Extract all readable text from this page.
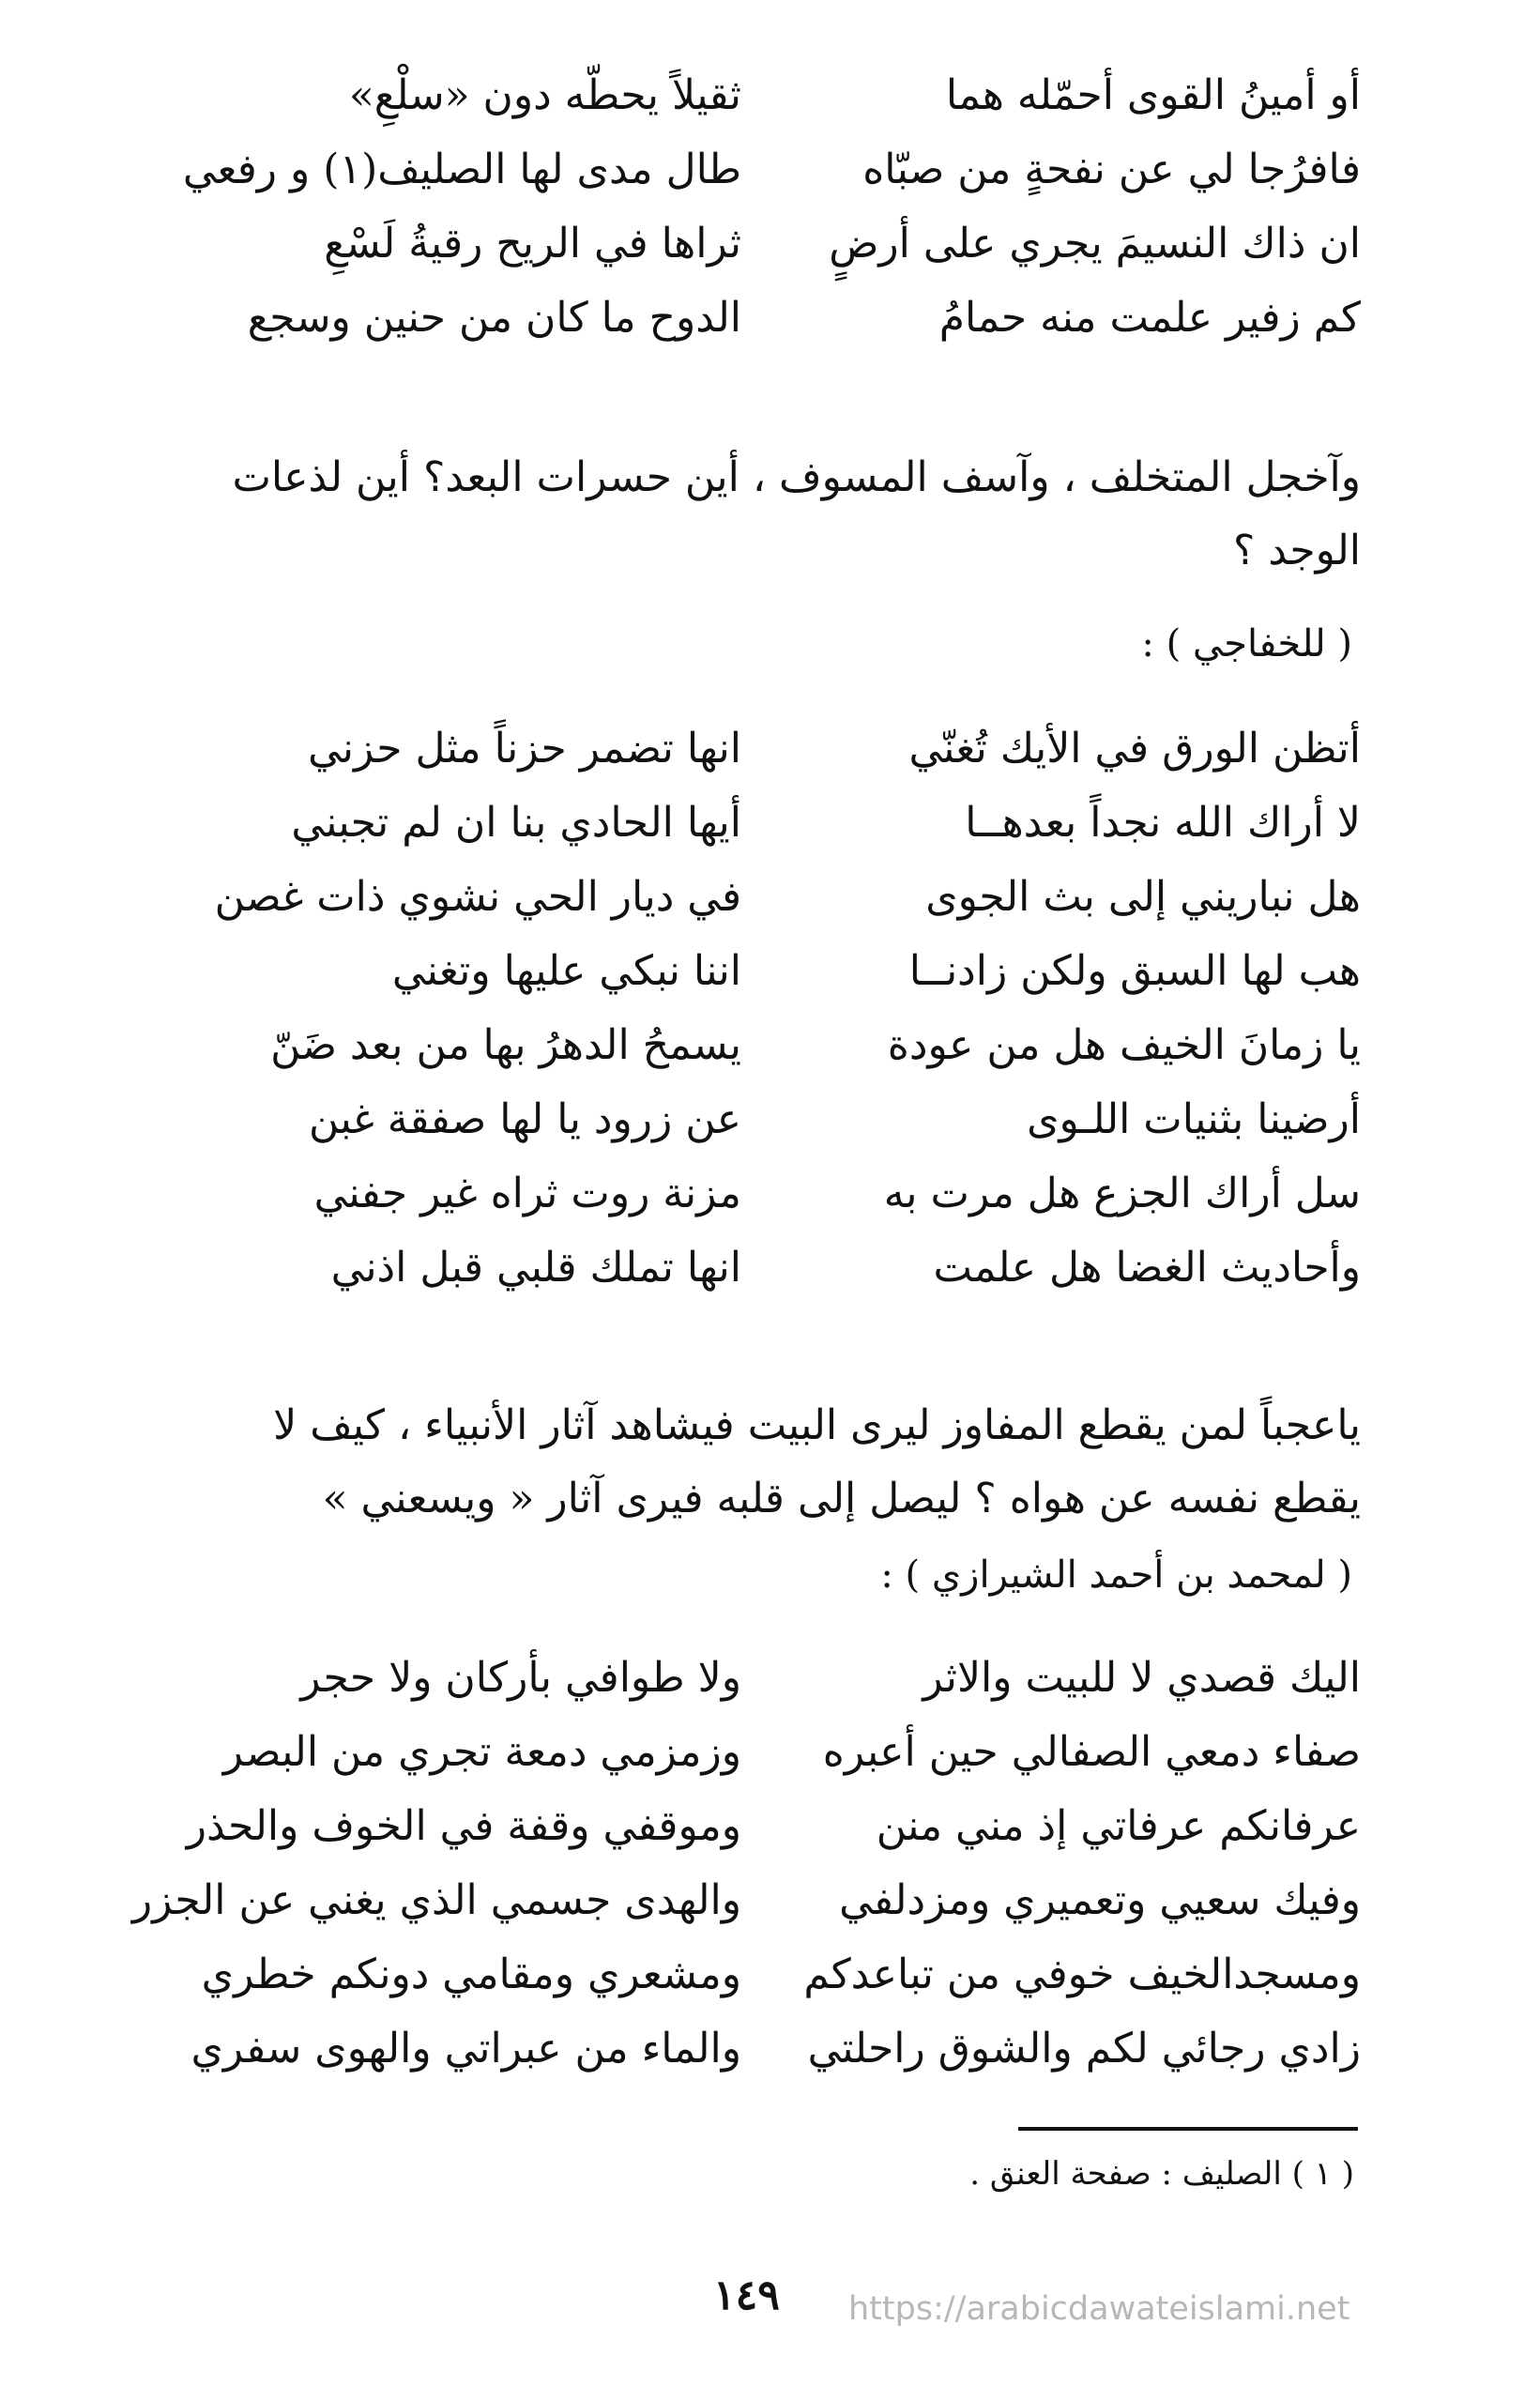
أو أمينُ القوى أحمّله هما
ثقيلاً يحطّه دون «سلْعِ»
فافرُجا لي عن نفحةٍ من صبّاه
طال مدى لها الصليف(١) و رفعي
ان ذاك النسيمَ يجري على أرضٍ
ثراها في الريح رقيةُ لَسْعِ
كم زفير علمت منه حمامُ
الدوح ما كان من حنين وسجع
وآخجل المتخلف ، وآسف المسوف ، أين حسرات البعد؟ أين لذعات الوجد ؟
( للخفاجي ) :
أتظن الورق في الأيك تُغنّي
انها تضمر حزناً مثل حزني
لا أراك الله نجداً بعدهــا
أيها الحادي بنا ان لم تجبني
هل نباريني إلى بث الجوى
في ديار الحي نشوي ذات غصن
هب لها السبق ولكن زادنــا
اننا نبكي عليها وتغني
يا زمانَ الخيف هل من عودة
يسمحُ الدهرُ بها من بعد ضَنّ
أرضينا بثنيات اللـوى
عن زرود يا لها صفقة غبن
سل أراك الجزع هل مرت به
مزنة روت ثراه غير جفني
وأحاديث الغضا هل علمت
انها تملك قلبي قبل اذني
ياعجباً لمن يقطع المفاوز ليرى البيت فيشاهد آثار الأنبياء ، كيف لا يقطع نفسه عن هواه ؟ ليصل إلى قلبه فيرى آثار « ويسعني »
( لمحمد بن أحمد الشيرازي ) :
اليك قصدي لا للبيت والاثر
ولا طوافي بأركان ولا حجر
صفاء دمعي الصفالي حين أعبره
وزمزمي دمعة تجري من البصر
عرفانكم عرفاتي إذ مني منن
وموقفي وقفة في الخوف والحذر
وفيك سعيي وتعميري ومزدلفي
والهدى جسمي الذي يغني عن الجزر
ومسجدالخيف خوفي من تباعدكم
ومشعري ومقامي دونكم خطري
زادي رجائي لكم والشوق راحلتي
والماء من عبراتي والهوى سفري
( ١ ) الصليف : صفحة العنق .
١٤٩ https://arabicdawateislami.net
